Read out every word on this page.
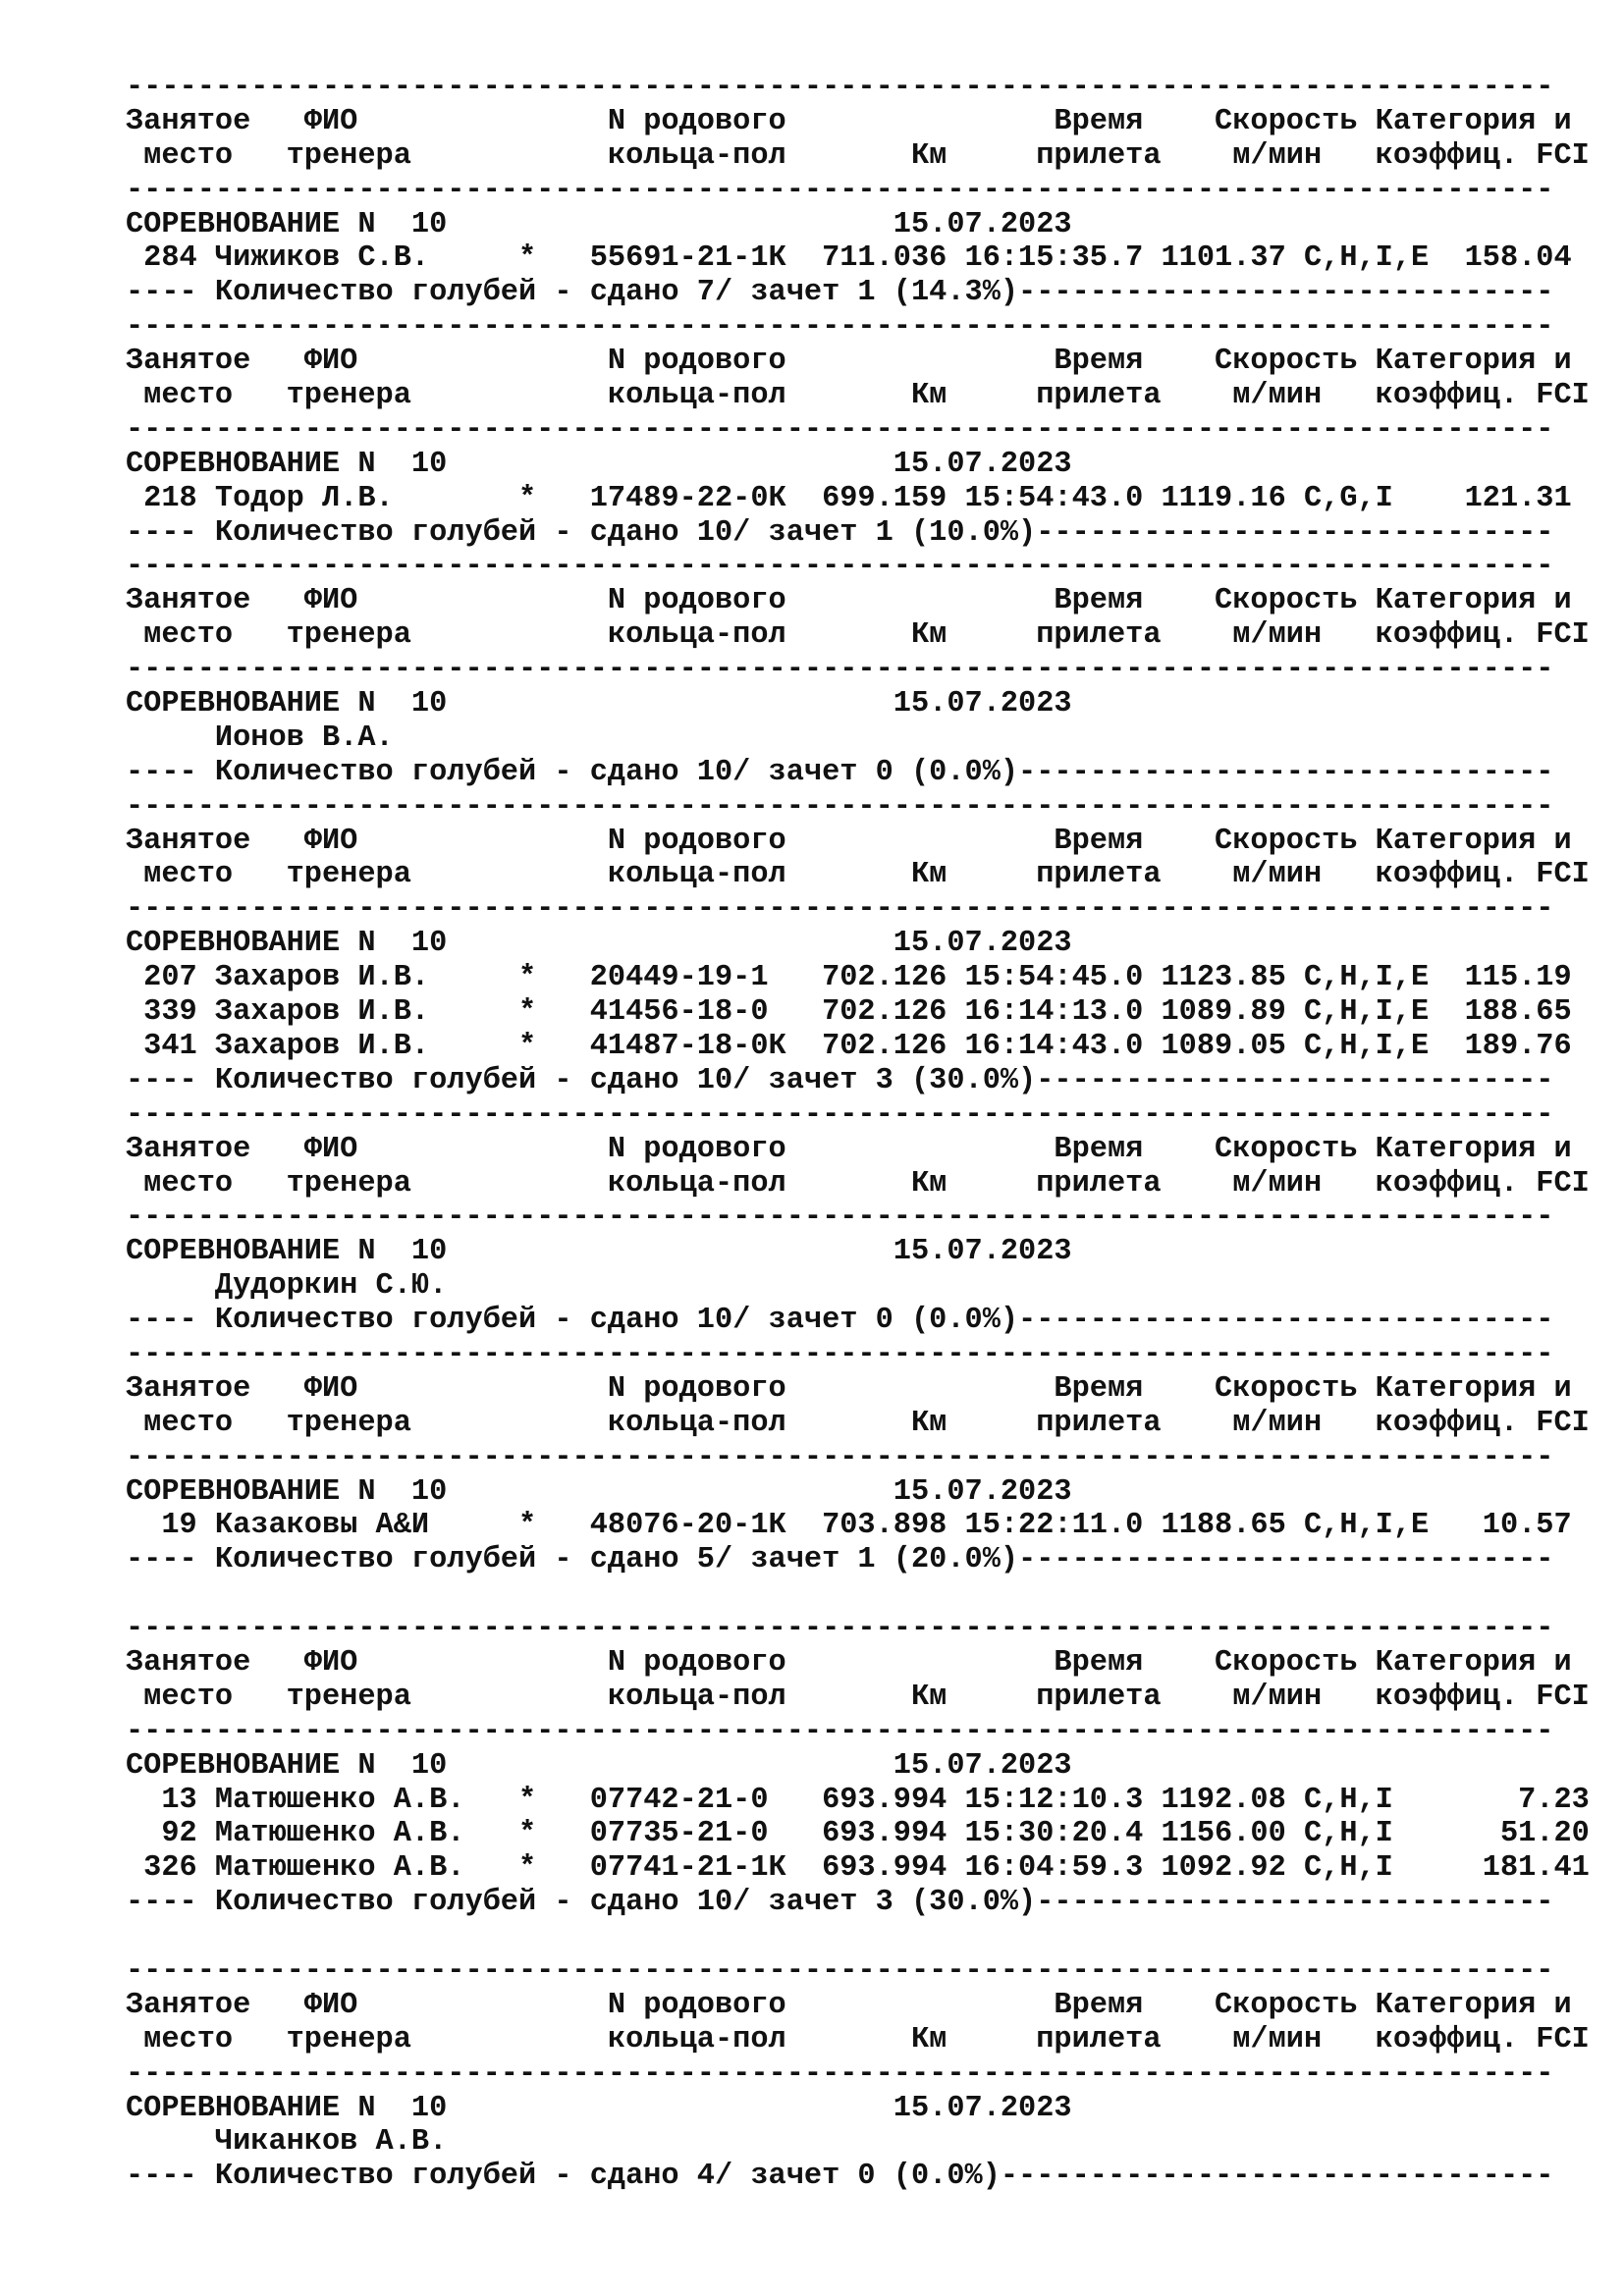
--------------------------------------------------------------------------------
Занятое   ФИО              N родового               Время    Скорость Категория и
место   тренера           кольца-пол       Км     прилета    м/мин   коэффиц. FCI
--------------------------------------------------------------------------------
СОРЕВНОВАНИЕ N  10                         15.07.2023
284 Чижиков С.В.     *   55691-21-1К  711.036 16:15:35.7 1101.37 C,H,I,E  158.04
---- Количество голубей - сдано 7/ зачет 1 (14.3%)------------------------------
--------------------------------------------------------------------------------
Занятое   ФИО              N родового               Время    Скорость Категория и
место   тренера           кольца-пол       Км     прилета    м/мин   коэффиц. FCI
--------------------------------------------------------------------------------
СОРЕВНОВАНИЕ N  10                         15.07.2023
218 Тодор Л.В.       *   17489-22-0К  699.159 15:54:43.0 1119.16 C,G,I    121.31
---- Количество голубей - сдано 10/ зачет 1 (10.0%)-----------------------------
--------------------------------------------------------------------------------
Занятое   ФИО              N родового               Время    Скорость Категория и
место   тренера           кольца-пол       Км     прилета    м/мин   коэффиц. FCI
--------------------------------------------------------------------------------
СОРЕВНОВАНИЕ N  10                         15.07.2023
Ионов В.А.
---- Количество голубей - сдано 10/ зачет 0 (0.0%)------------------------------
--------------------------------------------------------------------------------
Занятое   ФИО              N родового               Время    Скорость Категория и
место   тренера           кольца-пол       Км     прилета    м/мин   коэффиц. FCI
--------------------------------------------------------------------------------
СОРЕВНОВАНИЕ N  10                         15.07.2023
207 Захаров И.В.     *   20449-19-1   702.126 15:54:45.0 1123.85 C,H,I,E  115.19
339 Захаров И.В.     *   41456-18-0   702.126 16:14:13.0 1089.89 C,H,I,E  188.65
341 Захаров И.В.     *   41487-18-0К  702.126 16:14:43.0 1089.05 C,H,I,E  189.76
---- Количество голубей - сдано 10/ зачет 3 (30.0%)-----------------------------
--------------------------------------------------------------------------------
Занятое   ФИО              N родового               Время    Скорость Категория и
место   тренера           кольца-пол       Км     прилета    м/мин   коэффиц. FCI
--------------------------------------------------------------------------------
СОРЕВНОВАНИЕ N  10                         15.07.2023
Дудоркин С.Ю.
---- Количество голубей - сдано 10/ зачет 0 (0.0%)------------------------------
--------------------------------------------------------------------------------
Занятое   ФИО              N родового               Время    Скорость Категория и
место   тренера           кольца-пол       Км     прилета    м/мин   коэффиц. FCI
--------------------------------------------------------------------------------
СОРЕВНОВАНИЕ N  10                         15.07.2023
19 Казаковы А&И     *   48076-20-1К  703.898 15:22:11.0 1188.65 C,H,I,E   10.57
---- Количество голубей - сдано 5/ зачет 1 (20.0%)------------------------------
--------------------------------------------------------------------------------
Занятое   ФИО              N родового               Время    Скорость Категория и
место   тренера           кольца-пол       Км     прилета    м/мин   коэффиц. FCI
--------------------------------------------------------------------------------
СОРЕВНОВАНИЕ N  10                         15.07.2023
13 Матюшенко А.В.   *   07742-21-0   693.994 15:12:10.3 1192.08 C,H,I       7.23
92 Матюшенко А.В.   *   07735-21-0   693.994 15:30:20.4 1156.00 C,H,I      51.20
326 Матюшенко А.В.   *   07741-21-1К  693.994 16:04:59.3 1092.92 C,H,I     181.41
---- Количество голубей - сдано 10/ зачет 3 (30.0%)-----------------------------
--------------------------------------------------------------------------------
Занятое   ФИО              N родового               Время    Скорость Категория и
место   тренера           кольца-пол       Км     прилета    м/мин   коэффиц. FCI
--------------------------------------------------------------------------------
СОРЕВНОВАНИЕ N  10                         15.07.2023
Чиканков А.В.
---- Количество голубей - сдано 4/ зачет 0 (0.0%)-------------------------------
